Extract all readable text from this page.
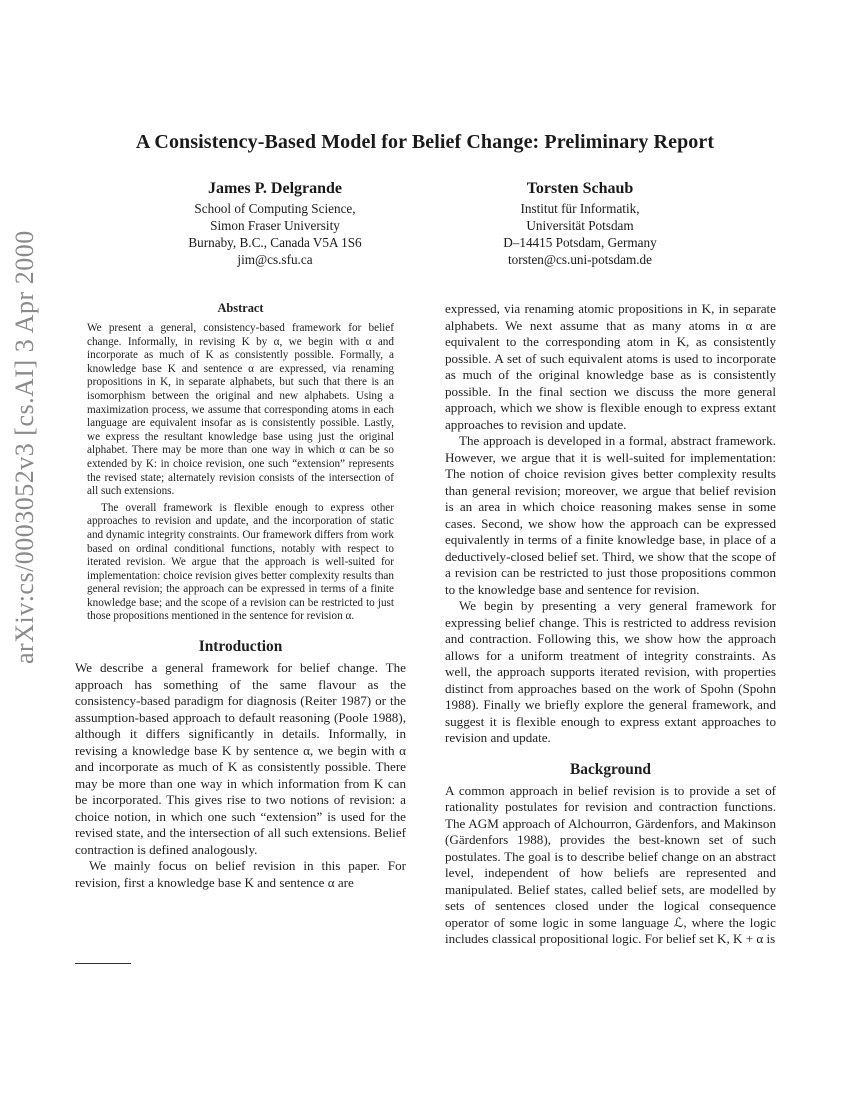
arXiv:cs/0003052v3 [cs.AI] 3 Apr 2000
A Consistency-Based Model for Belief Change: Preliminary Report
James P. Delgrande
School of Computing Science,
Simon Fraser University
Burnaby, B.C., Canada V5A 1S6
jim@cs.sfu.ca
Torsten Schaub
Institut für Informatik,
Universität Potsdam
D–14415 Potsdam, Germany
torsten@cs.uni-potsdam.de
Abstract

We present a general, consistency-based framework for belief change. Informally, in revising K by α, we begin with α and incorporate as much of K as consistently possible. Formally, a knowledge base K and sentence α are expressed, via renaming propositions in K, in separate alphabets, but such that there is an isomorphism between the original and new alphabets. Using a maximization process, we assume that corresponding atoms in each language are equivalent insofar as is consistently possible. Lastly, we express the resultant knowledge base using just the original alphabet. There may be more than one way in which α can be so extended by K: in choice revision, one such “extension” represents the revised state; alternately revision consists of the intersection of all such extensions.

The overall framework is flexible enough to express other approaches to revision and update, and the incorporation of static and dynamic integrity constraints. Our framework differs from work based on ordinal conditional functions, notably with respect to iterated revision. We argue that the approach is well-suited for implementation: choice revision gives better complexity results than general revision; the approach can be expressed in terms of a finite knowledge base; and the scope of a revision can be restricted to just those propositions mentioned in the sentence for revision α.

Introduction

We describe a general framework for belief change. The approach has something of the same flavour as the consistency-based paradigm for diagnosis (Reiter 1987) or the assumption-based approach to default reasoning (Poole 1988), although it differs significantly in details. Informally, in revising a knowledge base K by sentence α, we begin with α and incorporate as much of K as consistently possible. There may be more than one way in which information from K can be incorporated. This gives rise to two notions of revision: a choice notion, in which one such “extension” is used for the revised state, and the intersection of all such extensions. Belief contraction is defined analogously.

We mainly focus on belief revision in this paper. For revision, first a knowledge base K and sentence α are

expressed, via renaming atomic propositions in K, in separate alphabets. We next assume that as many atoms in α are equivalent to the corresponding atom in K, as consistently possible. A set of such equivalent atoms is used to incorporate as much of the original knowledge base as is consistently possible. In the final section we discuss the more general approach, which we show is flexible enough to express extant approaches to revision and update.

The approach is developed in a formal, abstract framework. However, we argue that it is well-suited for implementation: The notion of choice revision gives better complexity results than general revision; moreover, we argue that belief revision is an area in which choice reasoning makes sense in some cases. Second, we show how the approach can be expressed equivalently in terms of a finite knowledge base, in place of a deductively-closed belief set. Third, we show that the scope of a revision can be restricted to just those propositions common to the knowledge base and sentence for revision.

We begin by presenting a very general framework for expressing belief change. This is restricted to address revision and contraction. Following this, we show how the approach allows for a uniform treatment of integrity constraints. As well, the approach supports iterated revision, with properties distinct from approaches based on the work of Spohn (Spohn 1988). Finally we briefly explore the general framework, and suggest it is flexible enough to express extant approaches to revision and update.

Background

A common approach in belief revision is to provide a set of rationality postulates for revision and contraction functions. The AGM approach of Alchourron, Gärdenfors, and Makinson (Gärdenfors 1988), provides the best-known set of such postulates. The goal is to describe belief change on an abstract level, independent of how beliefs are represented and manipulated. Belief states, called belief sets, are modelled by sets of sentences closed under the logical consequence operator of some logic in some language ℒ, where the logic includes classical propositional logic. For belief set K, K + α is
